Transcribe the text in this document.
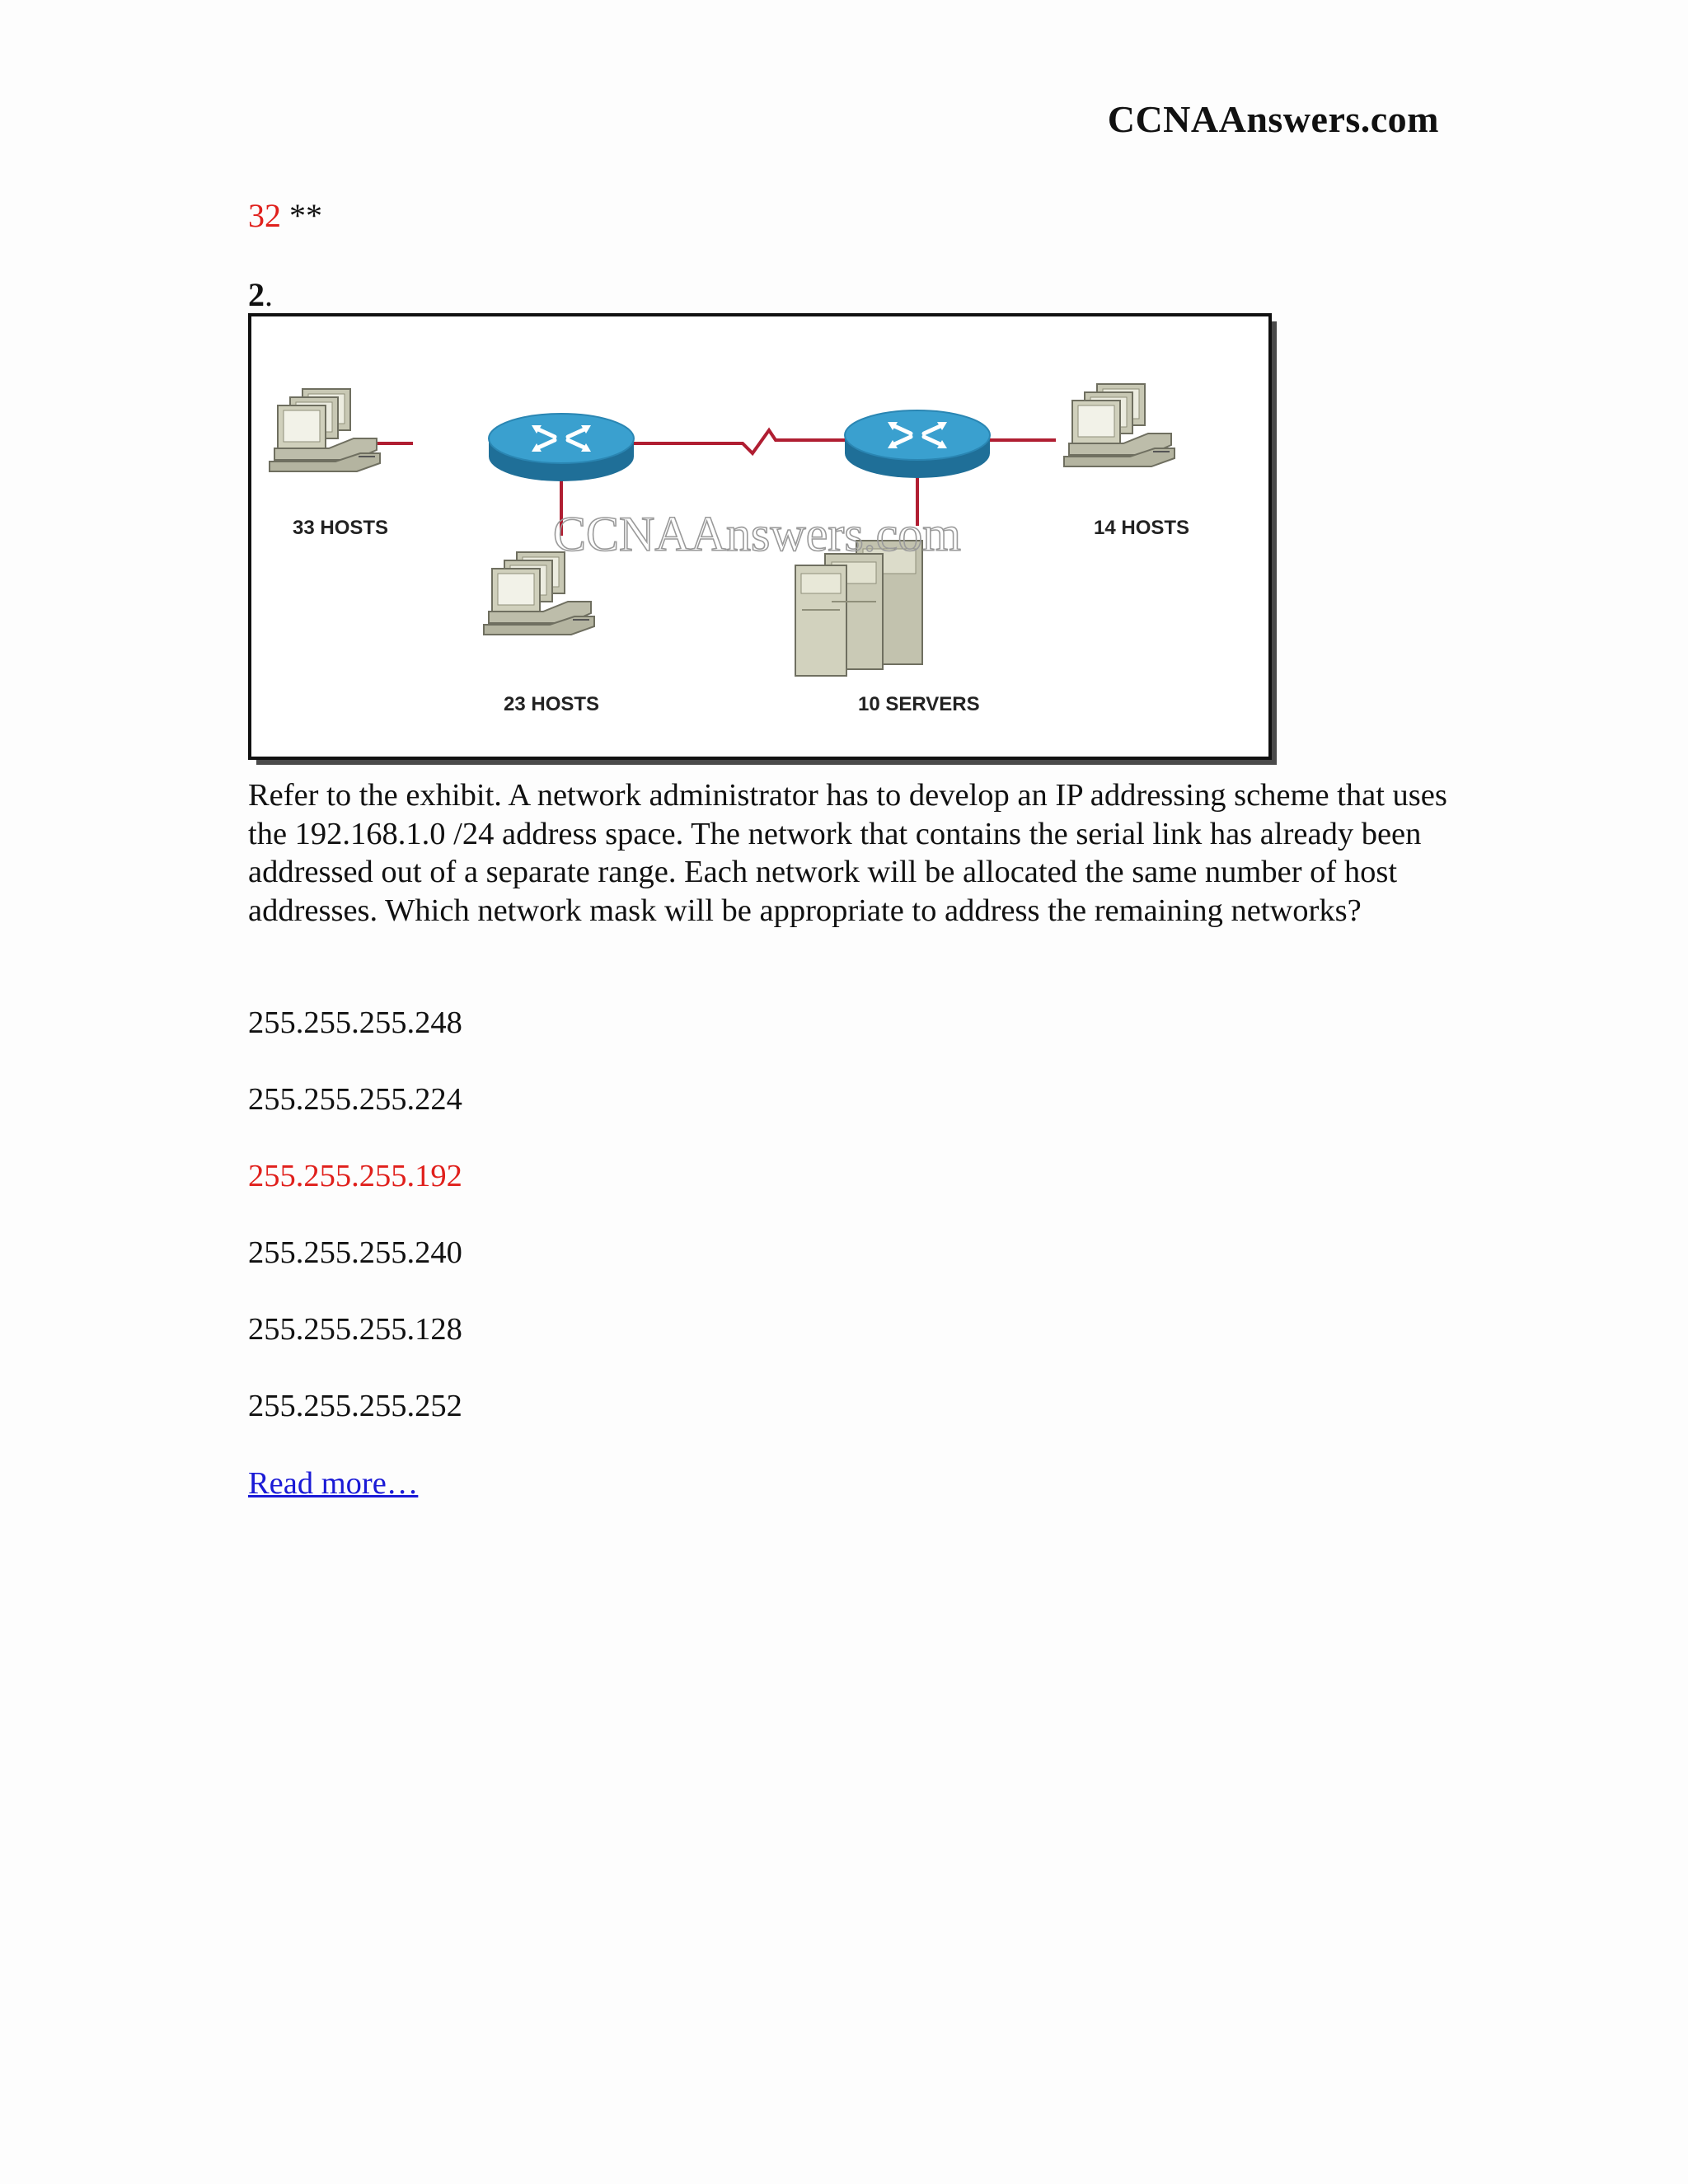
CCNAAnswers.com
32 **
2.
CCNAAnswers.com
33 HOSTS	14 HOSTS
23 HOSTS	10 SERVERS
Refer to the exhibit. A network administrator has to develop an IP addressing scheme that uses the 192.168.1.0 /24 address space. The network that contains the serial link has already been addressed out of a separate range. Each network will be allocated the same number of host addresses. Which network mask will be appropriate to address the remaining networks?
255.255.255.248
255.255.255.224
255.255.255.192
255.255.255.240
255.255.255.128
255.255.255.252
Read more…
